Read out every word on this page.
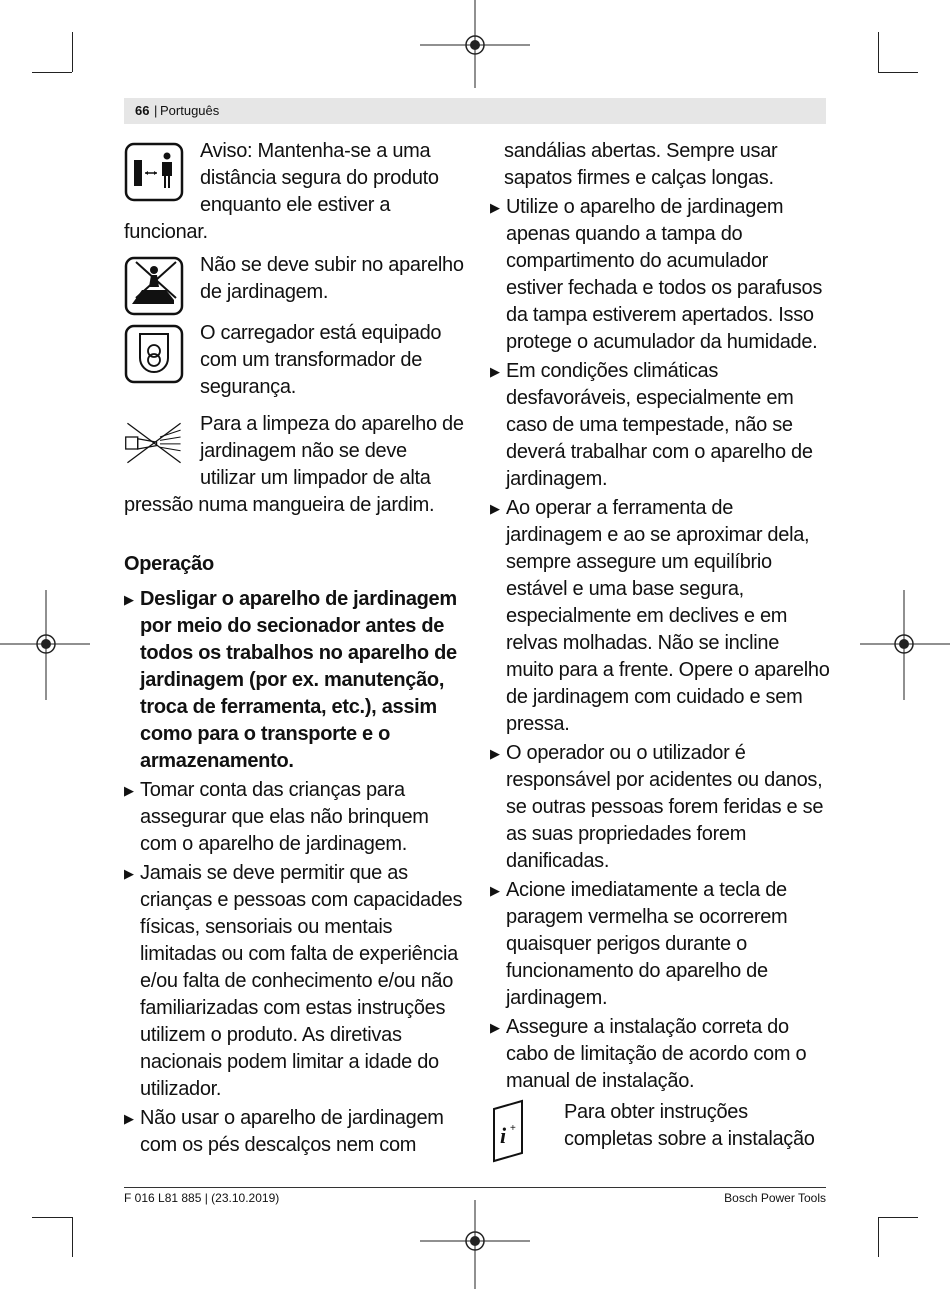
66 | Português

Aviso: Mantenha-se a uma distância segura do produto enquanto ele estiver a funcionar.

Não se deve subir no aparelho de jardinagem.

O carregador está equipado com um transformador de segurança.

Para a limpeza do aparelho de jardinagem não se deve utilizar um limpador de alta pressão numa mangueira de jardim.

Operação
▶ Desligar o aparelho de jardinagem por meio do secionador antes de todos os trabalhos no aparelho de jardinagem (por ex. manutenção, troca de ferramenta, etc.), assim como para o transporte e o armazenamento.
▶ Tomar conta das crianças para assegurar que elas não brinquem com o aparelho de jardinagem.
▶ Jamais se deve permitir que as crianças e pessoas com capacidades físicas, sensoriais ou mentais limitadas ou com falta de experiência e/ou falta de conhecimento e/ou não familiarizadas com estas instruções utilizem o produto. As diretivas nacionais podem limitar a idade do utilizador.
▶ Não usar o aparelho de jardinagem com os pés descalços nem com

sandálias abertas. Sempre usar sapatos firmes e calças longas.

▶ Utilize o aparelho de jardinagem apenas quando a tampa do compartimento do acumulador estiver fechada e todos os parafusos da tampa estiverem apertados. Isso protege o acumulador da humidade.
▶ Em condições climáticas desfavoráveis, especialmente em caso de uma tempestade, não se deverá trabalhar com o aparelho de jardinagem.
▶ Ao operar a ferramenta de jardinagem e ao se aproximar dela, sempre assegure um equilíbrio estável e uma base segura, especialmente em declives e em relvas molhadas. Não se incline muito para a frente. Opere o aparelho de jardinagem com cuidado e sem pressa.
▶ O operador ou o utilizador é responsável por acidentes ou danos, se outras pessoas forem feridas e se as suas propriedades forem danificadas.
▶ Acione imediatamente a tecla de paragem vermelha se ocorrerem quaisquer perigos durante o funcionamento do aparelho de jardinagem.
▶ Assegure a instalação correta do cabo de limitação de acordo com o manual de instalação.
i +

Para obter instruções completas sobre a instalação

F 016 L81 885 | (23.10.2019)	Bosch Power Tools
